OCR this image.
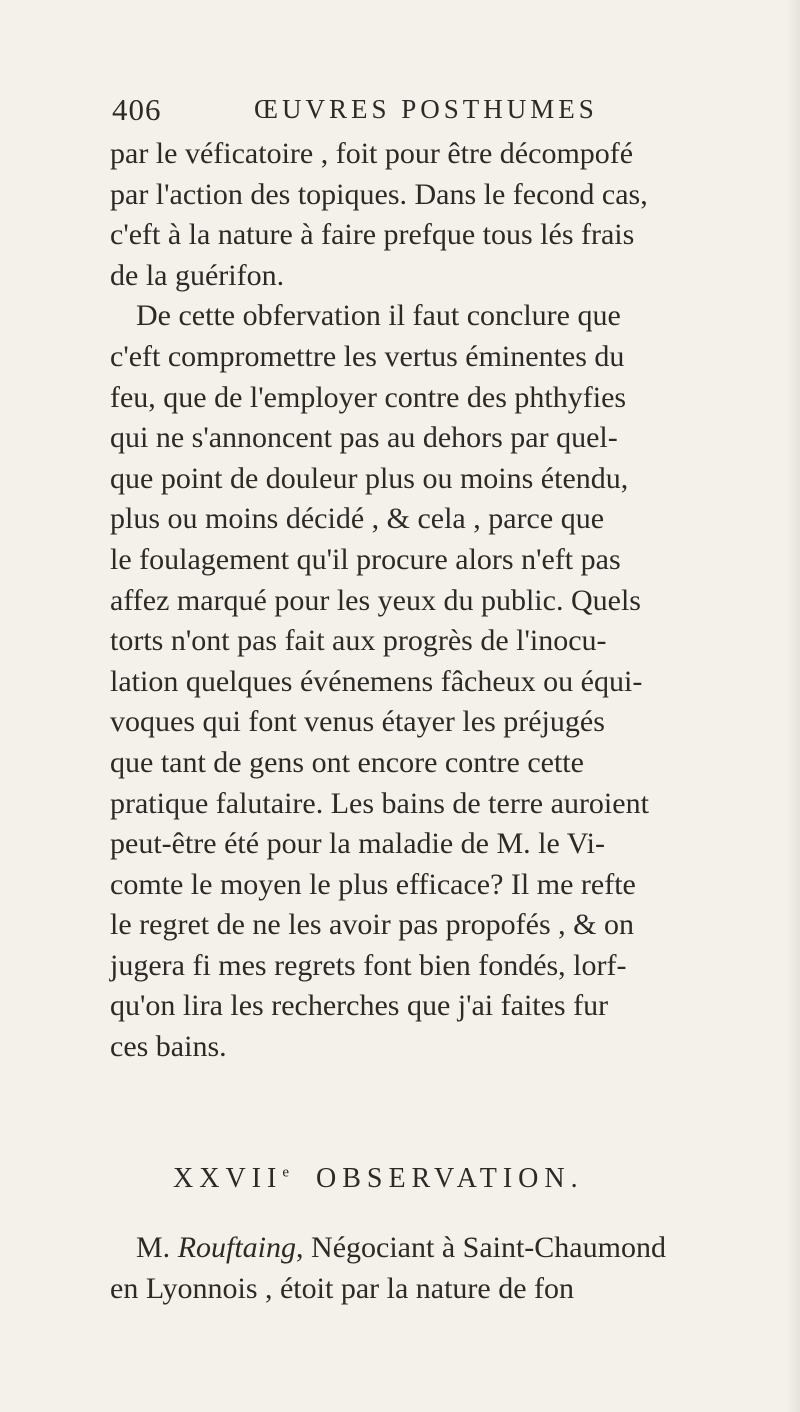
406	ŒUVRES POSTHUMES
par le véficatoire , foit pour être décompofé
par l'action des topiques. Dans le fecond cas,
c'eft à la nature à faire prefque tous lés frais
de la guérifon.
De cette obfervation il faut conclure que
c'eft compromettre les vertus éminentes du
feu, que de l'employer contre des phthyfies
qui ne s'annoncent pas au dehors par quel-
que point de douleur plus ou moins étendu,
plus ou moins décidé , & cela , parce que
le foulagement qu'il procure alors n'eft pas
affez marqué pour les yeux du public. Quels
torts n'ont pas fait aux progrès de l'inocu-
lation quelques événemens fâcheux ou équi-
voques qui font venus étayer les préjugés
que tant de gens ont encore contre cette
pratique falutaire. Les bains de terre auroient
peut-être été pour la maladie de M. le Vi-
comte le moyen le plus efficace? Il me refte
le regret de ne les avoir pas propofés , & on
jugera fi mes regrets font bien fondés, lorf-
qu'on lira les recherches que j'ai faites fur
ces bains.
XXVIIe OBSERVATION.
M. Rouftaing, Négociant à Saint-Chaumond
en Lyonnois , étoit par la nature de fon
